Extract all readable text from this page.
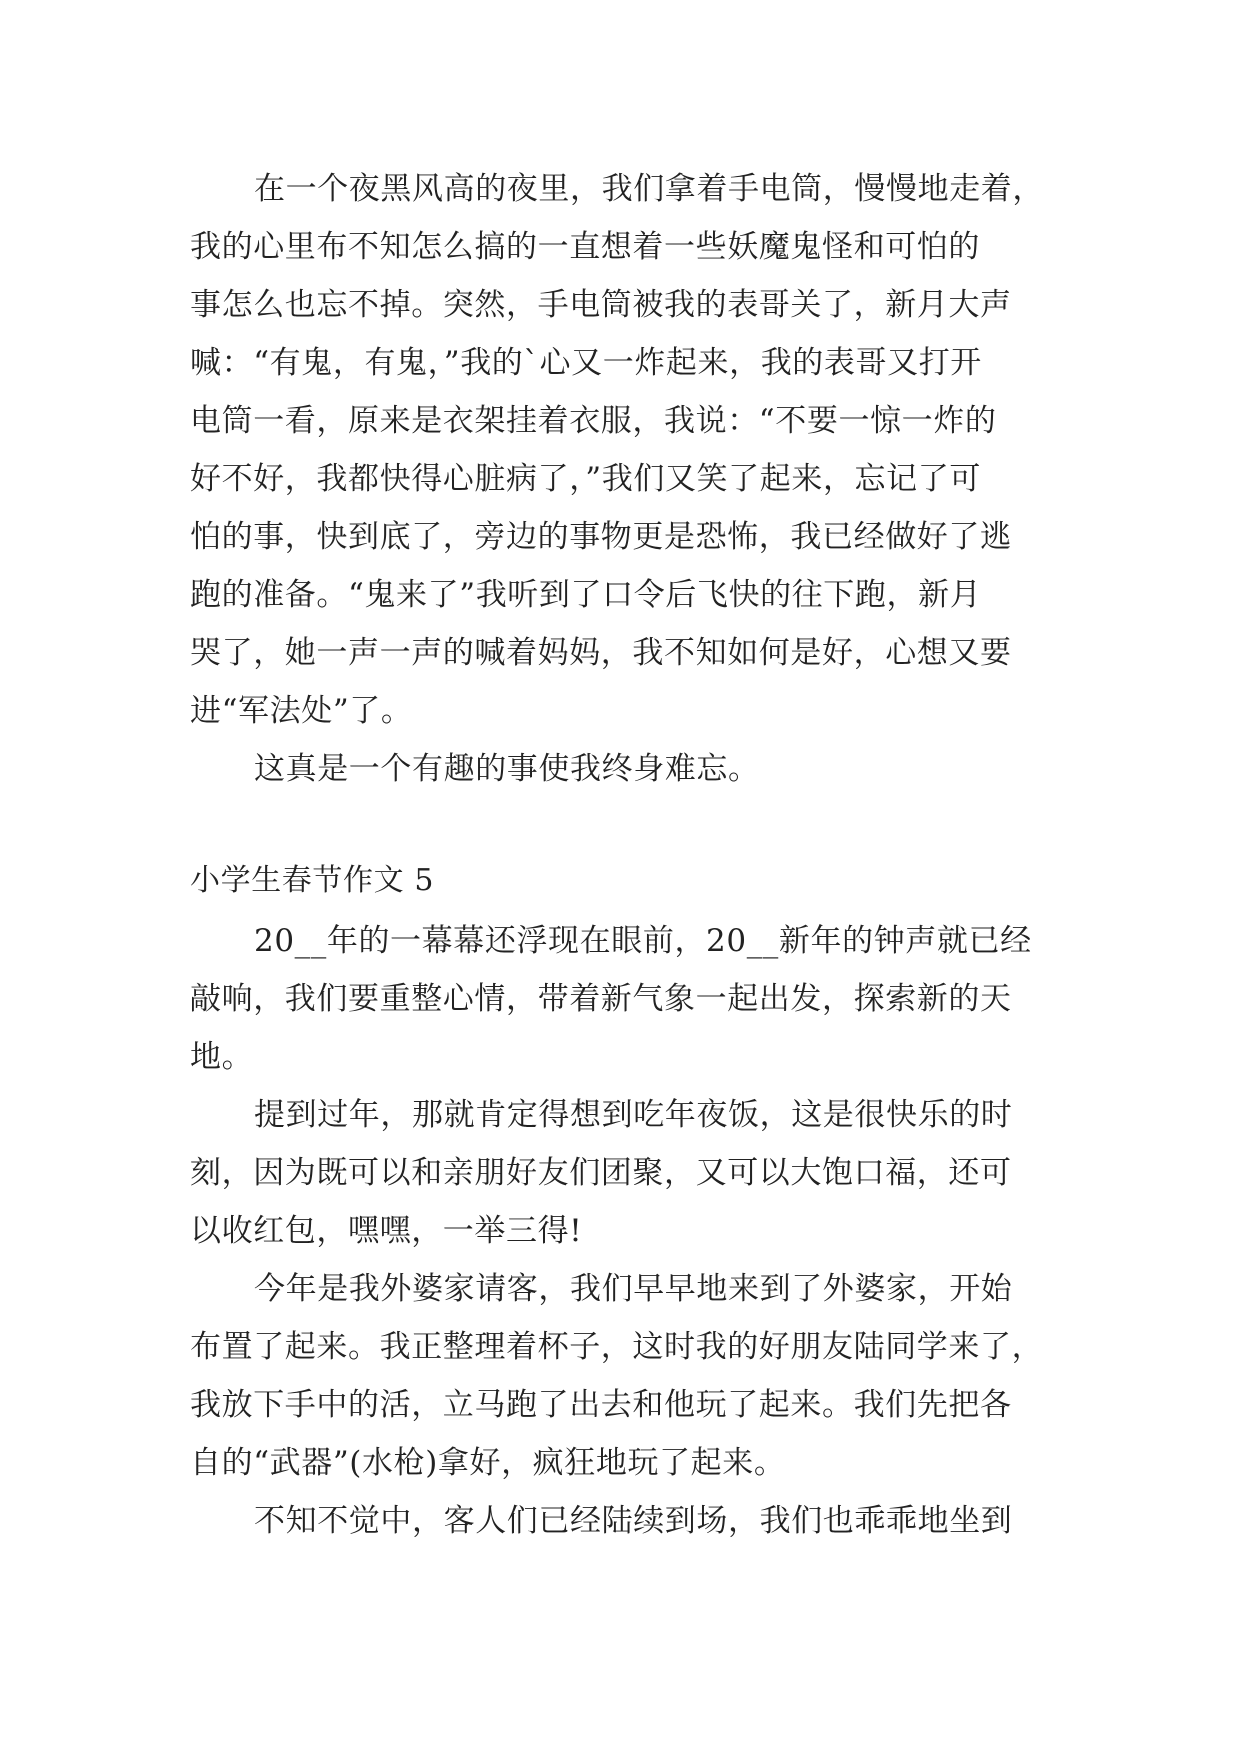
在一个夜黑风高的夜里，我们拿着手电筒，慢慢地走着，
我的心里布不知怎么搞的一直想着一些妖魔鬼怪和可怕的
事怎么也忘不掉。突然，手电筒被我的表哥关了，新月大声
喊：“有鬼，有鬼，”我的`心又一炸起来，我的表哥又打开
电筒一看，原来是衣架挂着衣服，我说：“不要一惊一炸的
好不好，我都快得心脏病了，”我们又笑了起来，忘记了可
怕的事，快到底了，旁边的事物更是恐怖，我已经做好了逃
跑的准备。“鬼来了”我听到了口令后飞快的往下跑，新月
哭了，她一声一声的喊着妈妈，我不知如何是好，心想又要
进“军法处”了。
这真是一个有趣的事使我终身难忘。
小学生春节作文 5
20__年的一幕幕还浮现在眼前，20__新年的钟声就已经
敲响，我们要重整心情，带着新气象一起出发，探索新的天
地。
提到过年，那就肯定得想到吃年夜饭，这是很快乐的时
刻，因为既可以和亲朋好友们团聚，又可以大饱口福，还可
以收红包，嘿嘿，一举三得!
今年是我外婆家请客，我们早早地来到了外婆家，开始
布置了起来。我正整理着杯子，这时我的好朋友陆同学来了，
我放下手中的活，立马跑了出去和他玩了起来。我们先把各
自的“武器”(水枪)拿好，疯狂地玩了起来。
不知不觉中，客人们已经陆续到场，我们也乖乖地坐到
